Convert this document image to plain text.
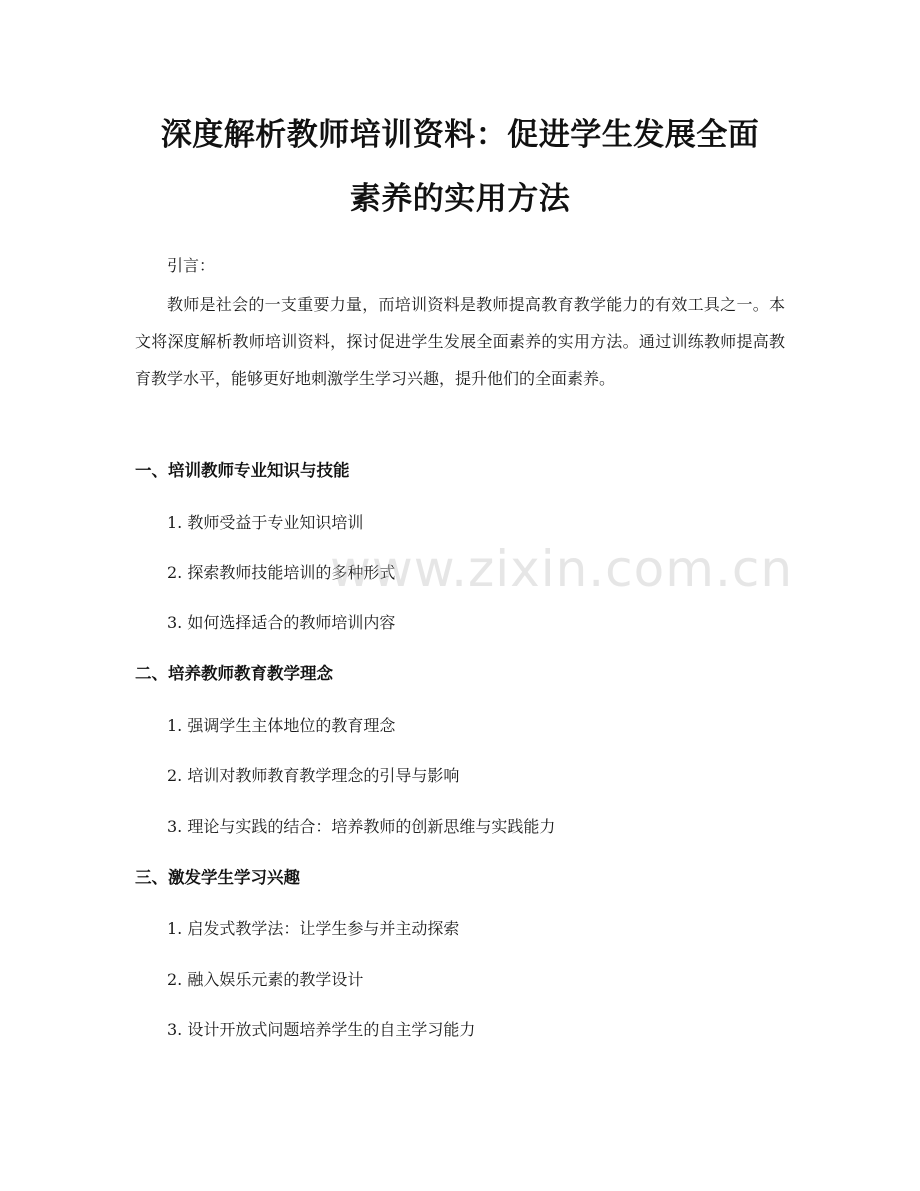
深度解析教师培训资料：促进学生发展全面
素养的实用方法
引言：
教师是社会的一支重要力量，而培训资料是教师提高教育教学能力的有效工具之一。本文将深度解析教师培训资料，探讨促进学生发展全面素养的实用方法。通过训练教师提高教育教学水平，能够更好地刺激学生学习兴趣，提升他们的全面素养。
一、培训教师专业知识与技能
1. 教师受益于专业知识培训
2. 探索教师技能培训的多种形式
3. 如何选择适合的教师培训内容
二、培养教师教育教学理念
1. 强调学生主体地位的教育理念
2. 培训对教师教育教学理念的引导与影响
3. 理论与实践的结合：培养教师的创新思维与实践能力
三、激发学生学习兴趣
1. 启发式教学法：让学生参与并主动探索
2. 融入娱乐元素的教学设计
3. 设计开放式问题培养学生的自主学习能力
www.zixin.com.cn
